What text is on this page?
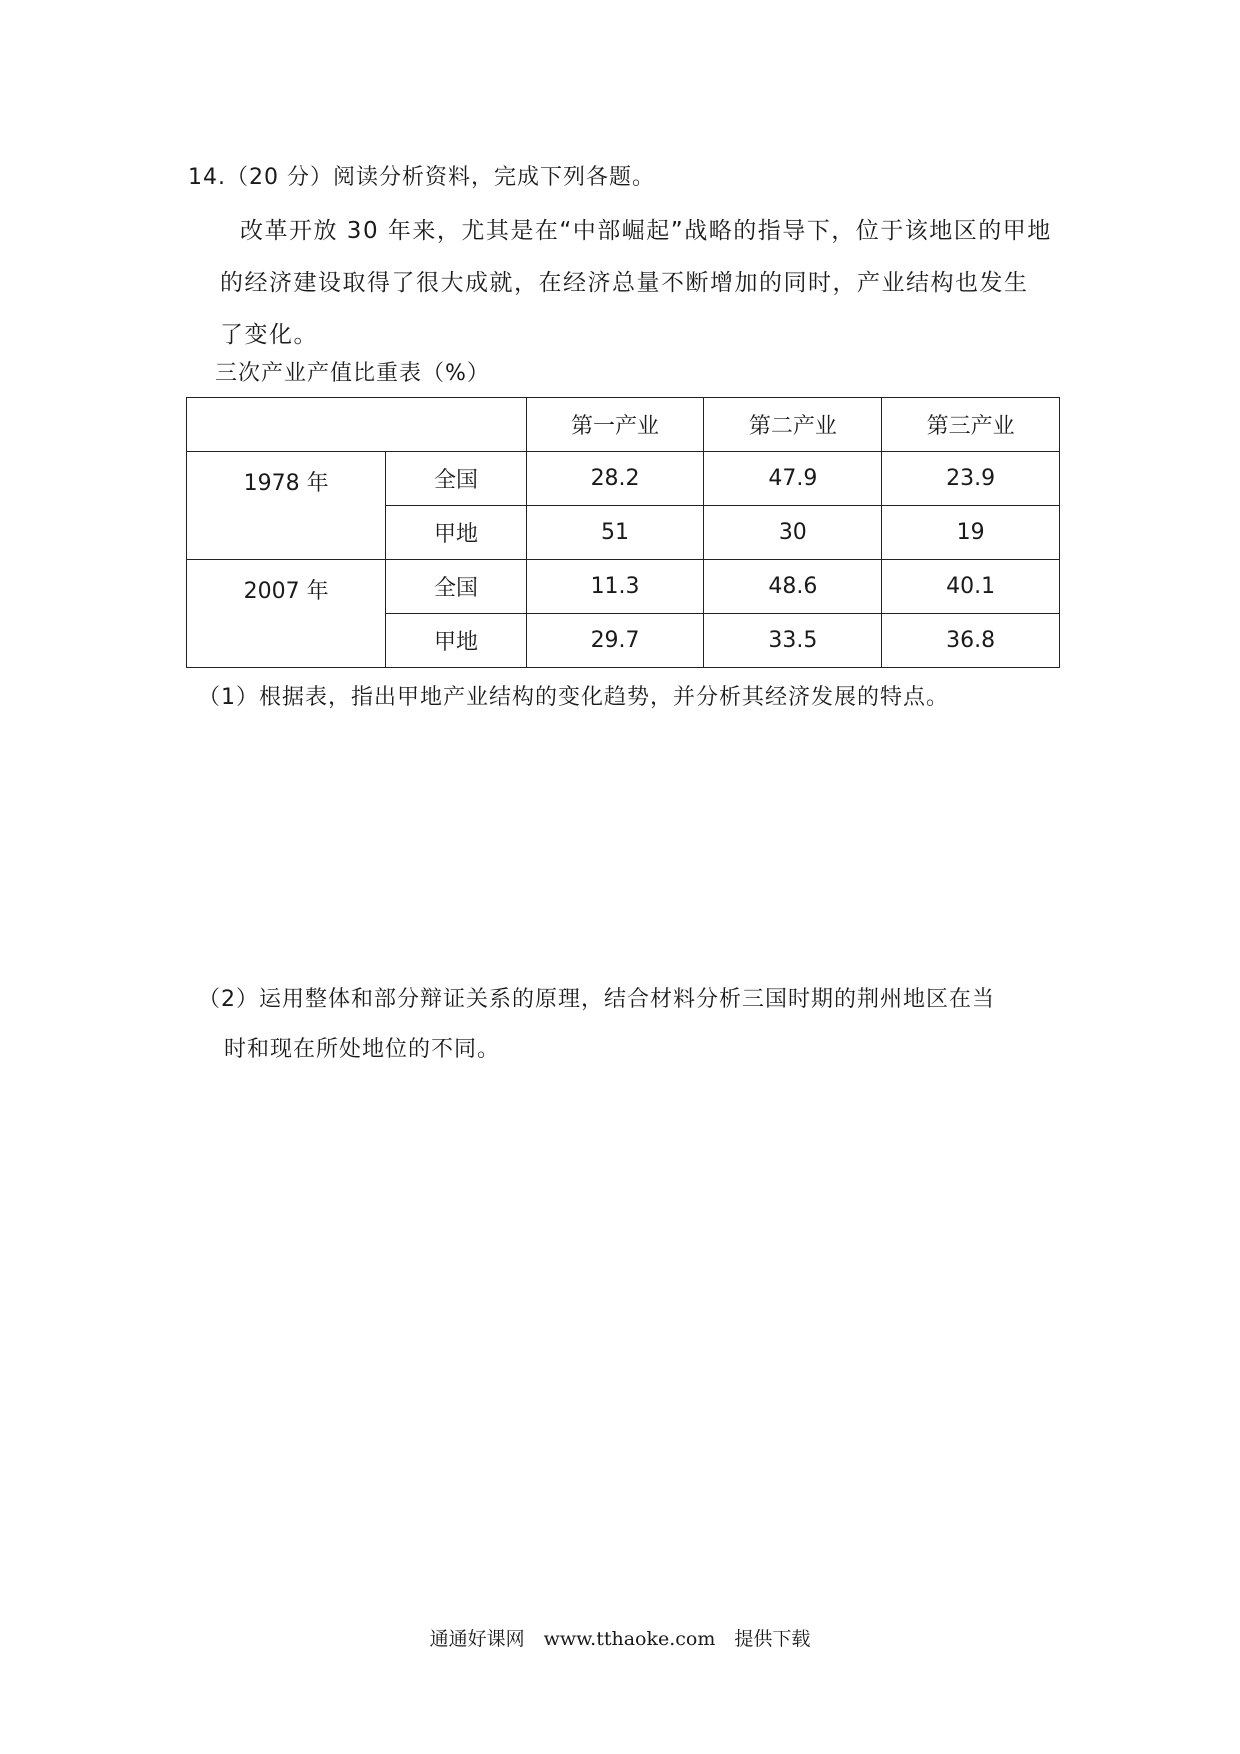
14.（20 分）阅读分析资料，完成下列各题。

改革开放 30 年来，尤其是在“中部崛起”战略的指导下，位于该地区的甲地

的经济建设取得了很大成就，在经济总量不断增加的同时，产业结构也发生

了变化。

三次产业产值比重表（%）
		第一产业	第二产业	第三产业
1978 年	全国	28.2	47.9	23.9
	甲地	51	30	19
2007 年	全国	11.3	48.6	40.1
	甲地	29.7	33.5	36.8
（1）根据表，指出甲地产业结构的变化趋势，并分析其经济发展的特点。

（2）运用整体和部分辩证关系的原理，结合材料分析三国时期的荆州地区在当

时和现在所处地位的不同。

通通好课网　www.tthaoke.com　提供下载
